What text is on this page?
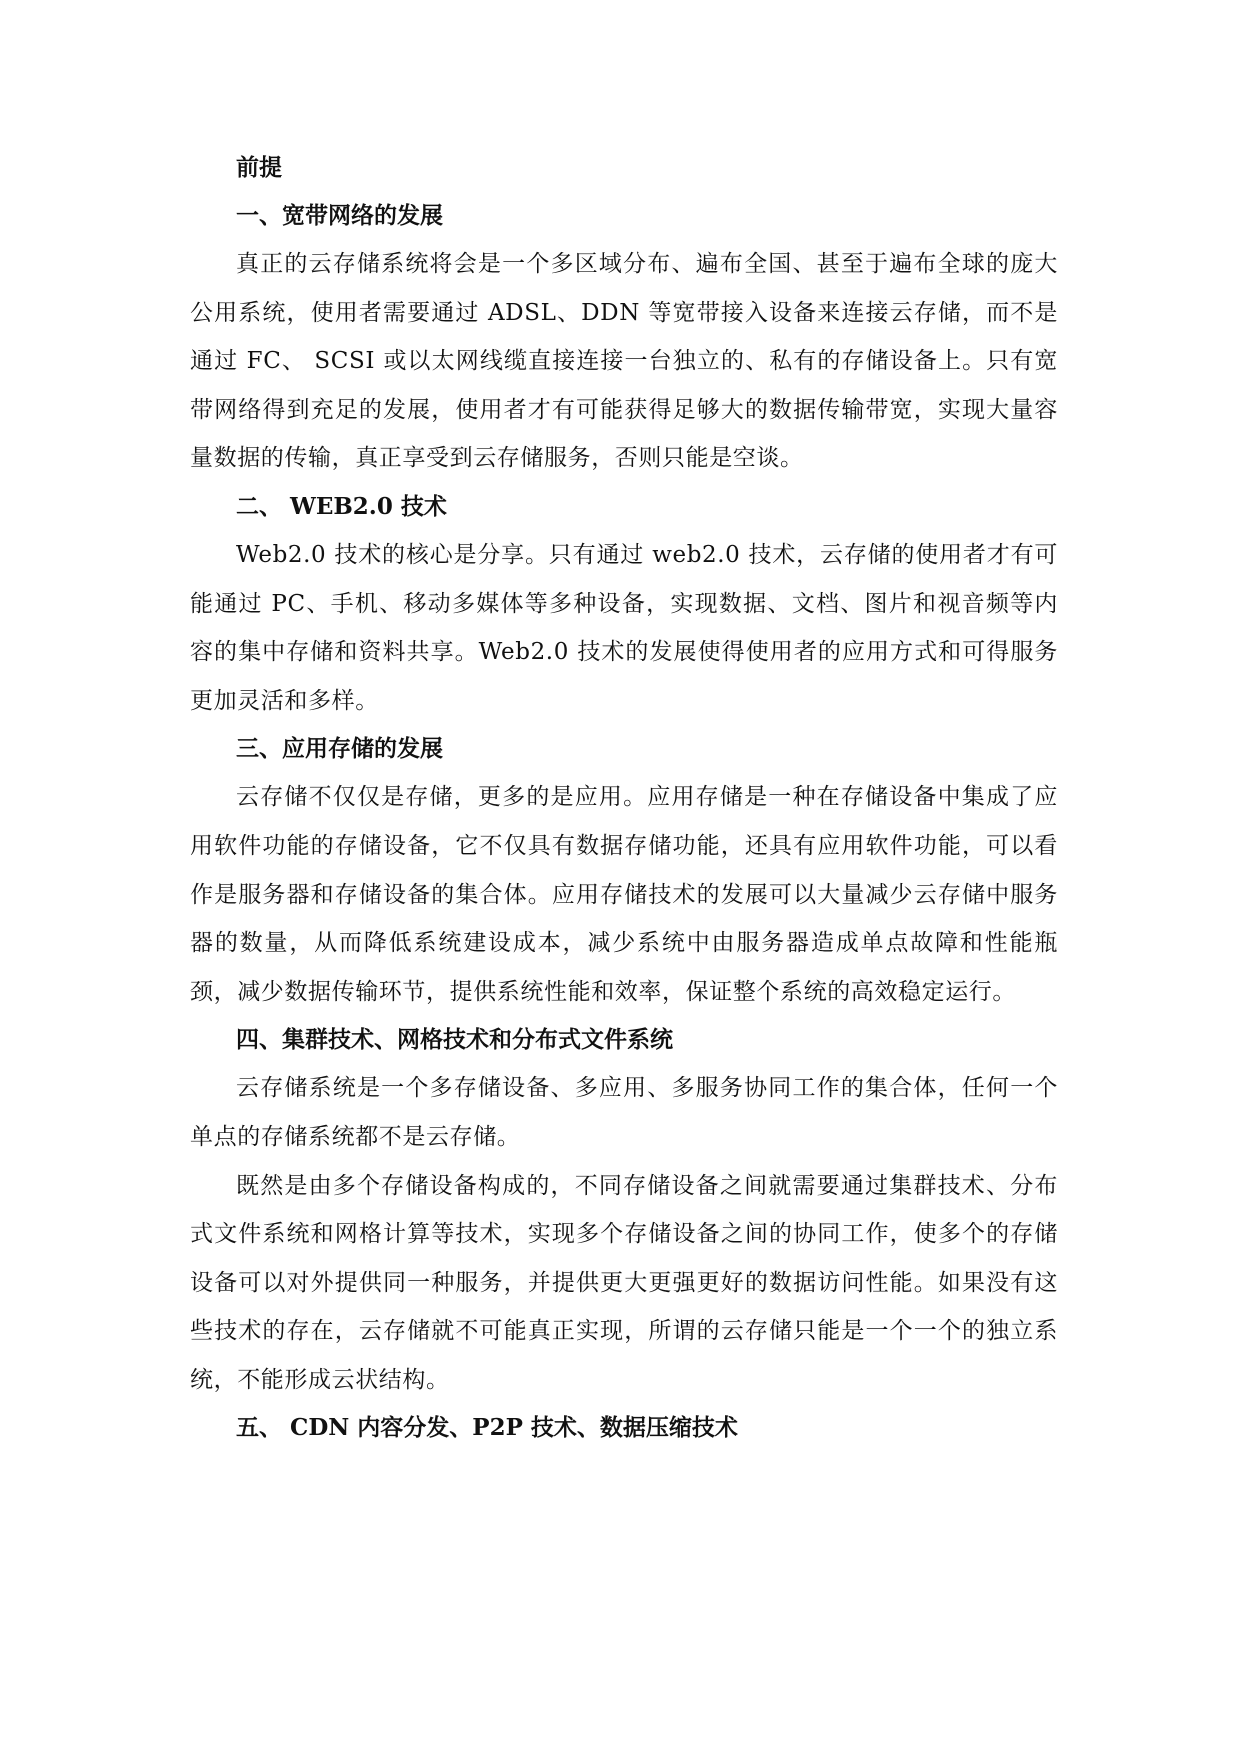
前提
一、宽带网络的发展

真正的云存储系统将会是一个多区域分布、遍布全国、甚至于遍布全球的庞大公用系统，使用者需要通过 ADSL、DDN 等宽带接入设备来连接云存储，而不是通过 FC、 SCSI 或以太网线缆直接连接一台独立的、私有的存储设备上。只有宽带网络得到充足的发展，使用者才有可能获得足够大的数据传输带宽，实现大量容量数据的传输，真正享受到云存储服务，否则只能是空谈。

二、 WEB2.0 技术

Web2.0 技术的核心是分享。只有通过 web2.0 技术，云存储的使用者才有可能通过 PC、手机、移动多媒体等多种设备，实现数据、文档、图片和视音频等内容的集中存储和资料共享。Web2.0 技术的发展使得使用者的应用方式和可得服务更加灵活和多样。

三、应用存储的发展

云存储不仅仅是存储，更多的是应用。应用存储是一种在存储设备中集成了应用软件功能的存储设备，它不仅具有数据存储功能，还具有应用软件功能，可以看作是服务器和存储设备的集合体。应用存储技术的发展可以大量减少云存储中服务器的数量，从而降低系统建设成本，减少系统中由服务器造成单点故障和性能瓶颈，减少数据传输环节，提供系统性能和效率，保证整个系统的高效稳定运行。

四、集群技术、网格技术和分布式文件系统

云存储系统是一个多存储设备、多应用、多服务协同工作的集合体，任何一个单点的存储系统都不是云存储。

既然是由多个存储设备构成的，不同存储设备之间就需要通过集群技术、分布式文件系统和网格计算等技术，实现多个存储设备之间的协同工作，使多个的存储设备可以对外提供同一种服务，并提供更大更强更好的数据访问性能。如果没有这些技术的存在，云存储就不可能真正实现，所谓的云存储只能是一个一个的独立系统，不能形成云状结构。

五、 CDN 内容分发、P2P 技术、数据压缩技术
